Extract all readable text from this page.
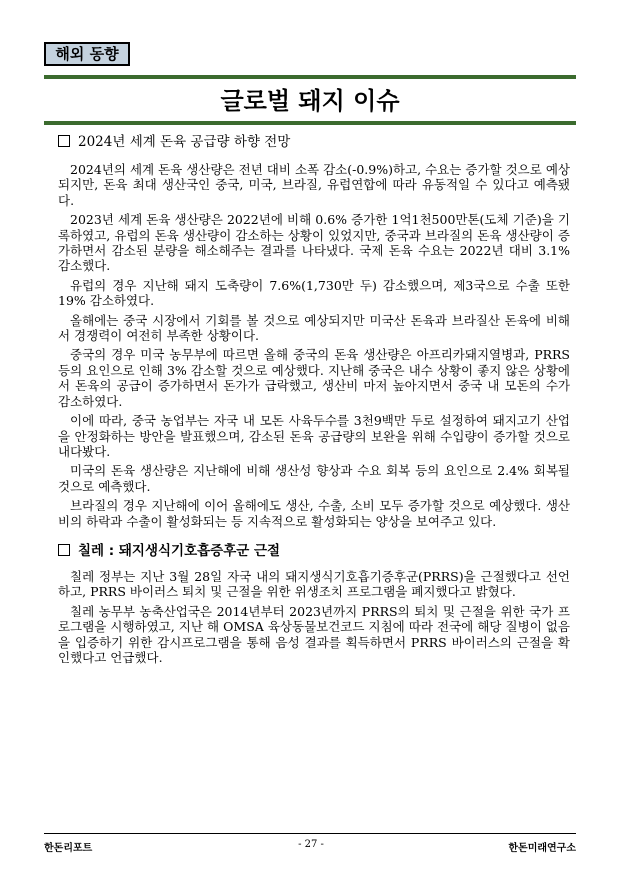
해외 동향
글로벌 돼지 이슈
2024년 세계 돈육 공급량 하향 전망

2024년의 세계 돈육 생산량은 전년 대비 소폭 감소(-0.9%)하고, 수요는 증가할 것으로 예상되지만, 돈육 최대 생산국인 중국, 미국, 브라질, 유럽연합에 따라 유동적일 수 있다고 예측됐다.

2023년 세계 돈육 생산량은 2022년에 비해 0.6% 증가한 1억1천500만톤(도체 기준)을 기록하였고, 유럽의 돈육 생산량이 감소하는 상황이 있었지만, 중국과 브라질의 돈육 생산량이 증가하면서 감소된 분량을 해소해주는 결과를 나타냈다. 국제 돈육 수요는 2022년 대비 3.1% 감소했다.

유럽의 경우 지난해 돼지 도축량이 7.6%(1,730만 두) 감소했으며, 제3국으로 수출 또한 19% 감소하였다.

올해에는 중국 시장에서 기회를 볼 것으로 예상되지만 미국산 돈육과 브라질산 돈육에 비해서 경쟁력이 여전히 부족한 상황이다.

중국의 경우 미국 농무부에 따르면 올해 중국의 돈육 생산량은 아프리카돼지열병과, PRRS 등의 요인으로 인해 3% 감소할 것으로 예상했다. 지난해 중국은 내수 상황이 좋지 않은 상황에서 돈육의 공급이 증가하면서 돈가가 급락했고, 생산비 마저 높아지면서 중국 내 모돈의 수가 감소하였다.

이에 따라, 중국 농업부는 자국 내 모돈 사육두수를 3천9백만 두로 설정하여 돼지고기 산업을 안정화하는 방안을 발표했으며, 감소된 돈육 공급량의 보완을 위해 수입량이 증가할 것으로 내다봤다.

미국의 돈육 생산량은 지난해에 비해 생산성 향상과 수요 회복 등의 요인으로 2.4% 회복될 것으로 예측했다.

브라질의 경우 지난해에 이어 올해에도 생산, 수출, 소비 모두 증가할 것으로 예상했다. 생산비의 하락과 수출이 활성화되는 등 지속적으로 활성화되는 양상을 보여주고 있다.

칠레 : 돼지생식기호흡증후군 근절

칠레 정부는 지난 3월 28일 자국 내의 돼지생식기호흡기증후군(PRRS)을 근절했다고 선언하고, PRRS 바이러스 퇴치 및 근절을 위한 위생조치 프로그램을 폐지했다고 밝혔다.

칠레 농무부 농축산업국은 2014년부터 2023년까지 PRRS의 퇴치 및 근절을 위한 국가 프로그램을 시행하였고, 지난 해 OMSA 육상동물보건코드 지침에 따라 전국에 해당 질병이 없음을 입증하기 위한 감시프로그램을 통해 음성 결과를 획득하면서 PRRS 바이러스의 근절을 확인했다고 언급했다.

한돈리포트	- 27 -	한돈미래연구소
